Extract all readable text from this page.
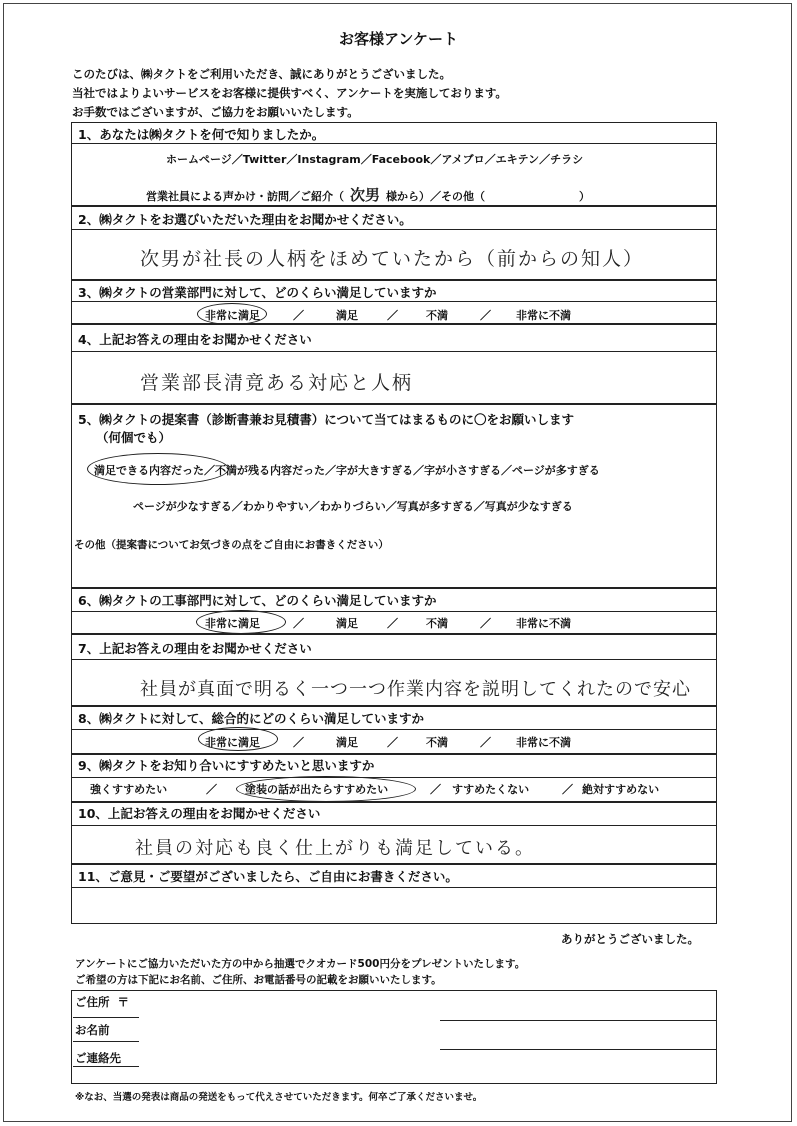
お客様アンケート
このたびは、㈱タクトをご利用いただき、誠にありがとうございました。
当社ではよりよいサービスをお客様に提供すべく、アンケートを実施しております。
お手数ではございますが、ご協力をお願いいたします。
1、あなたは㈱タクトを何で知りましたか。
ホームページ／Twitter／Instagram／Facebook／アメブロ／エキテン／チラシ
営業社員による声かけ・訪問／ご紹介（ 次男 様から）／その他（	）
2、㈱タクトをお選びいただいた理由をお聞かせください。
次男が社長の人柄をほめていたから（前からの知人）
3、㈱タクトの営業部門に対して、どのくらい満足していますか
非常に満足	／	満足	／	不満	／ 非常に不満
4、上記お答えの理由をお聞かせください
営業部長清竟ある対応と人柄
5、㈱タクトの提案書（診断書兼お見積書）について当てはまるものに〇をお願いします
（何個でも）
満足できる内容だった／不満が残る内容だった／字が大きすぎる／字が小さすぎる／ページが多すぎる
ページが少なすぎる／わかりやすい／わかりづらい／写真が多すぎる／写真が少なすぎる
その他（提案書についてお気づきの点をご自由にお書きください）
6、㈱タクトの工事部門に対して、どのくらい満足していますか
非常に満足	／	満足	／	不満	／ 非常に不満
7、上記お答えの理由をお聞かせください
社員が真面で明るく一つ一つ作業内容を説明してくれたので安心
8、㈱タクトに対して、総合的にどのくらい満足していますか
非常に満足	／	満足	／	不満	／ 非常に不満
9、㈱タクトをお知り合いにすすめたいと思いますか
強くすすめたい	／	塗装の話が出たらすすめたい	／ すすめたくない	／ 絶対すすめない
10、上記お答えの理由をお聞かせください
社員の対応も良く仕上がりも満足している。
11、ご意見・ご要望がございましたら、ご自由にお書きください。
ありがとうございました。
アンケートにご協力いただいた方の中から抽選でクオカード500円分をプレゼントいたします。
ご希望の方は下記にお名前、ご住所、お電話番号の記載をお願いいたします。
ご住所 〒
お名前
ご連絡先
※なお、当選の発表は商品の発送をもって代えさせていただきます。何卒ご了承くださいませ。
